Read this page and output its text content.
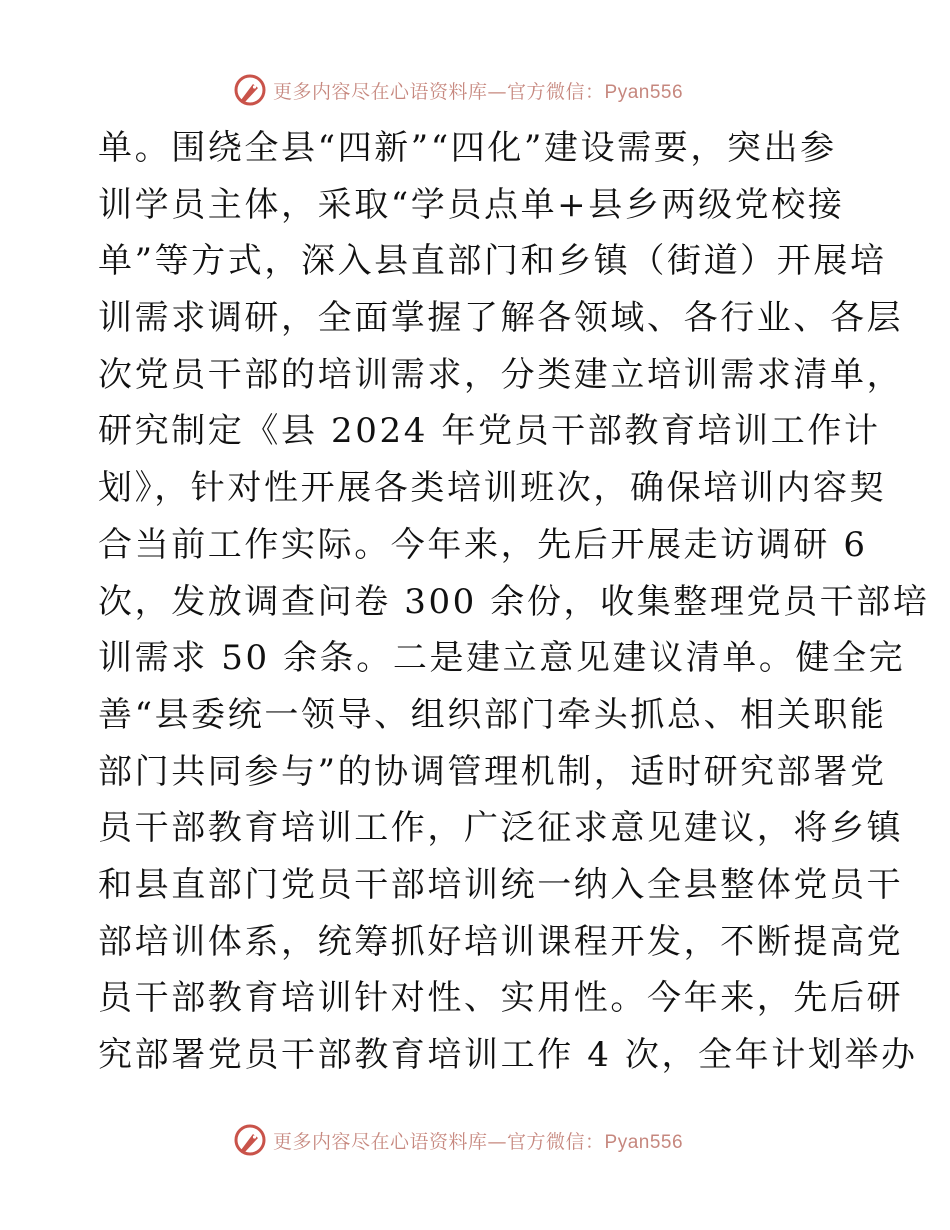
更多内容尽在心语资料库—官方微信：Pyan556
单。围绕全县“四新”“四化”建设需要，突出参
训学员主体，采取“学员点单+县乡两级党校接
单”等方式，深入县直部门和乡镇（街道）开展培
训需求调研，全面掌握了解各领域、各行业、各层
次党员干部的培训需求，分类建立培训需求清单，
研究制定《县 2024 年党员干部教育培训工作计
划》，针对性开展各类培训班次，确保培训内容契
合当前工作实际。今年来，先后开展走访调研 6
次，发放调查问卷 300 余份，收集整理党员干部培
训需求 50 余条。二是建立意见建议清单。健全完
善“县委统一领导、组织部门牵头抓总、相关职能
部门共同参与”的协调管理机制，适时研究部署党
员干部教育培训工作，广泛征求意见建议，将乡镇
和县直部门党员干部培训统一纳入全县整体党员干
部培训体系，统筹抓好培训课程开发，不断提高党
员干部教育培训针对性、实用性。今年来，先后研
究部署党员干部教育培训工作 4 次，全年计划举办
更多内容尽在心语资料库—官方微信：Pyan556
